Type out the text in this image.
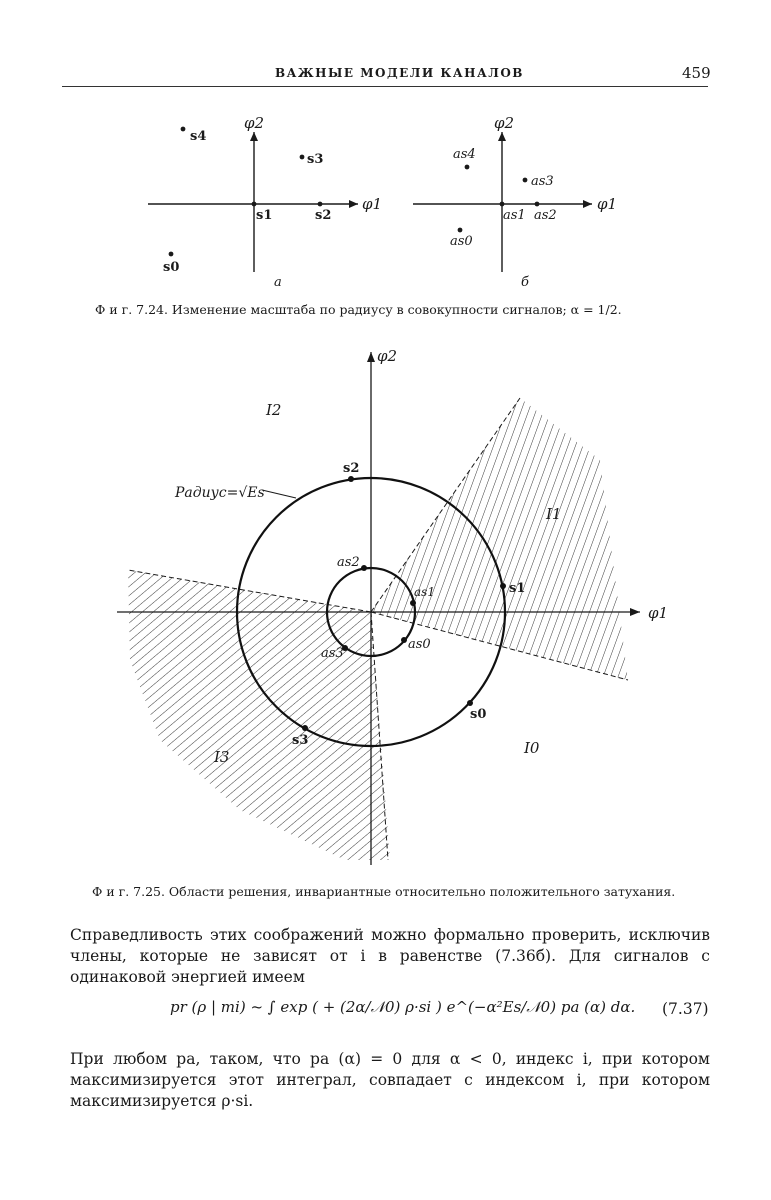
ВАЖНЫЕ МОДЕЛИ КАНАЛОВ	459
s4
s3
s1	s2
s0
φ2
φ1
а
as4
as3
as1 as2
as0
φ2
φ1
б
Ф и г. 7.24. Изменение масштаба по радиусу в совокупности сигналов; α = 1/2.
φ2
φ1
s2
s1
s0
s3
as2
as1
as0
as3
I2
I1
I0
I3
Радиус=√Es
Ф и г. 7.25. Области решения, инвариантные относительно положительного затухания.
Справедливость этих соображений можно формально проверить, исключив члены, которые не зависят от i в равенстве (7.36б). Для сигналов с одинаковой энергией имеем
pr (ρ | mi) ~ ∫ exp ( + (2α/𝒩0) ρ·si ) e^(−α²Es/𝒩0) pa (α) dα. (7.37)
При любом pa, таком, что pa (α) = 0 для α < 0, индекс i, при котором максимизируется этот интеграл, совпадает с индексом i, при котором максимизируется ρ·si.
